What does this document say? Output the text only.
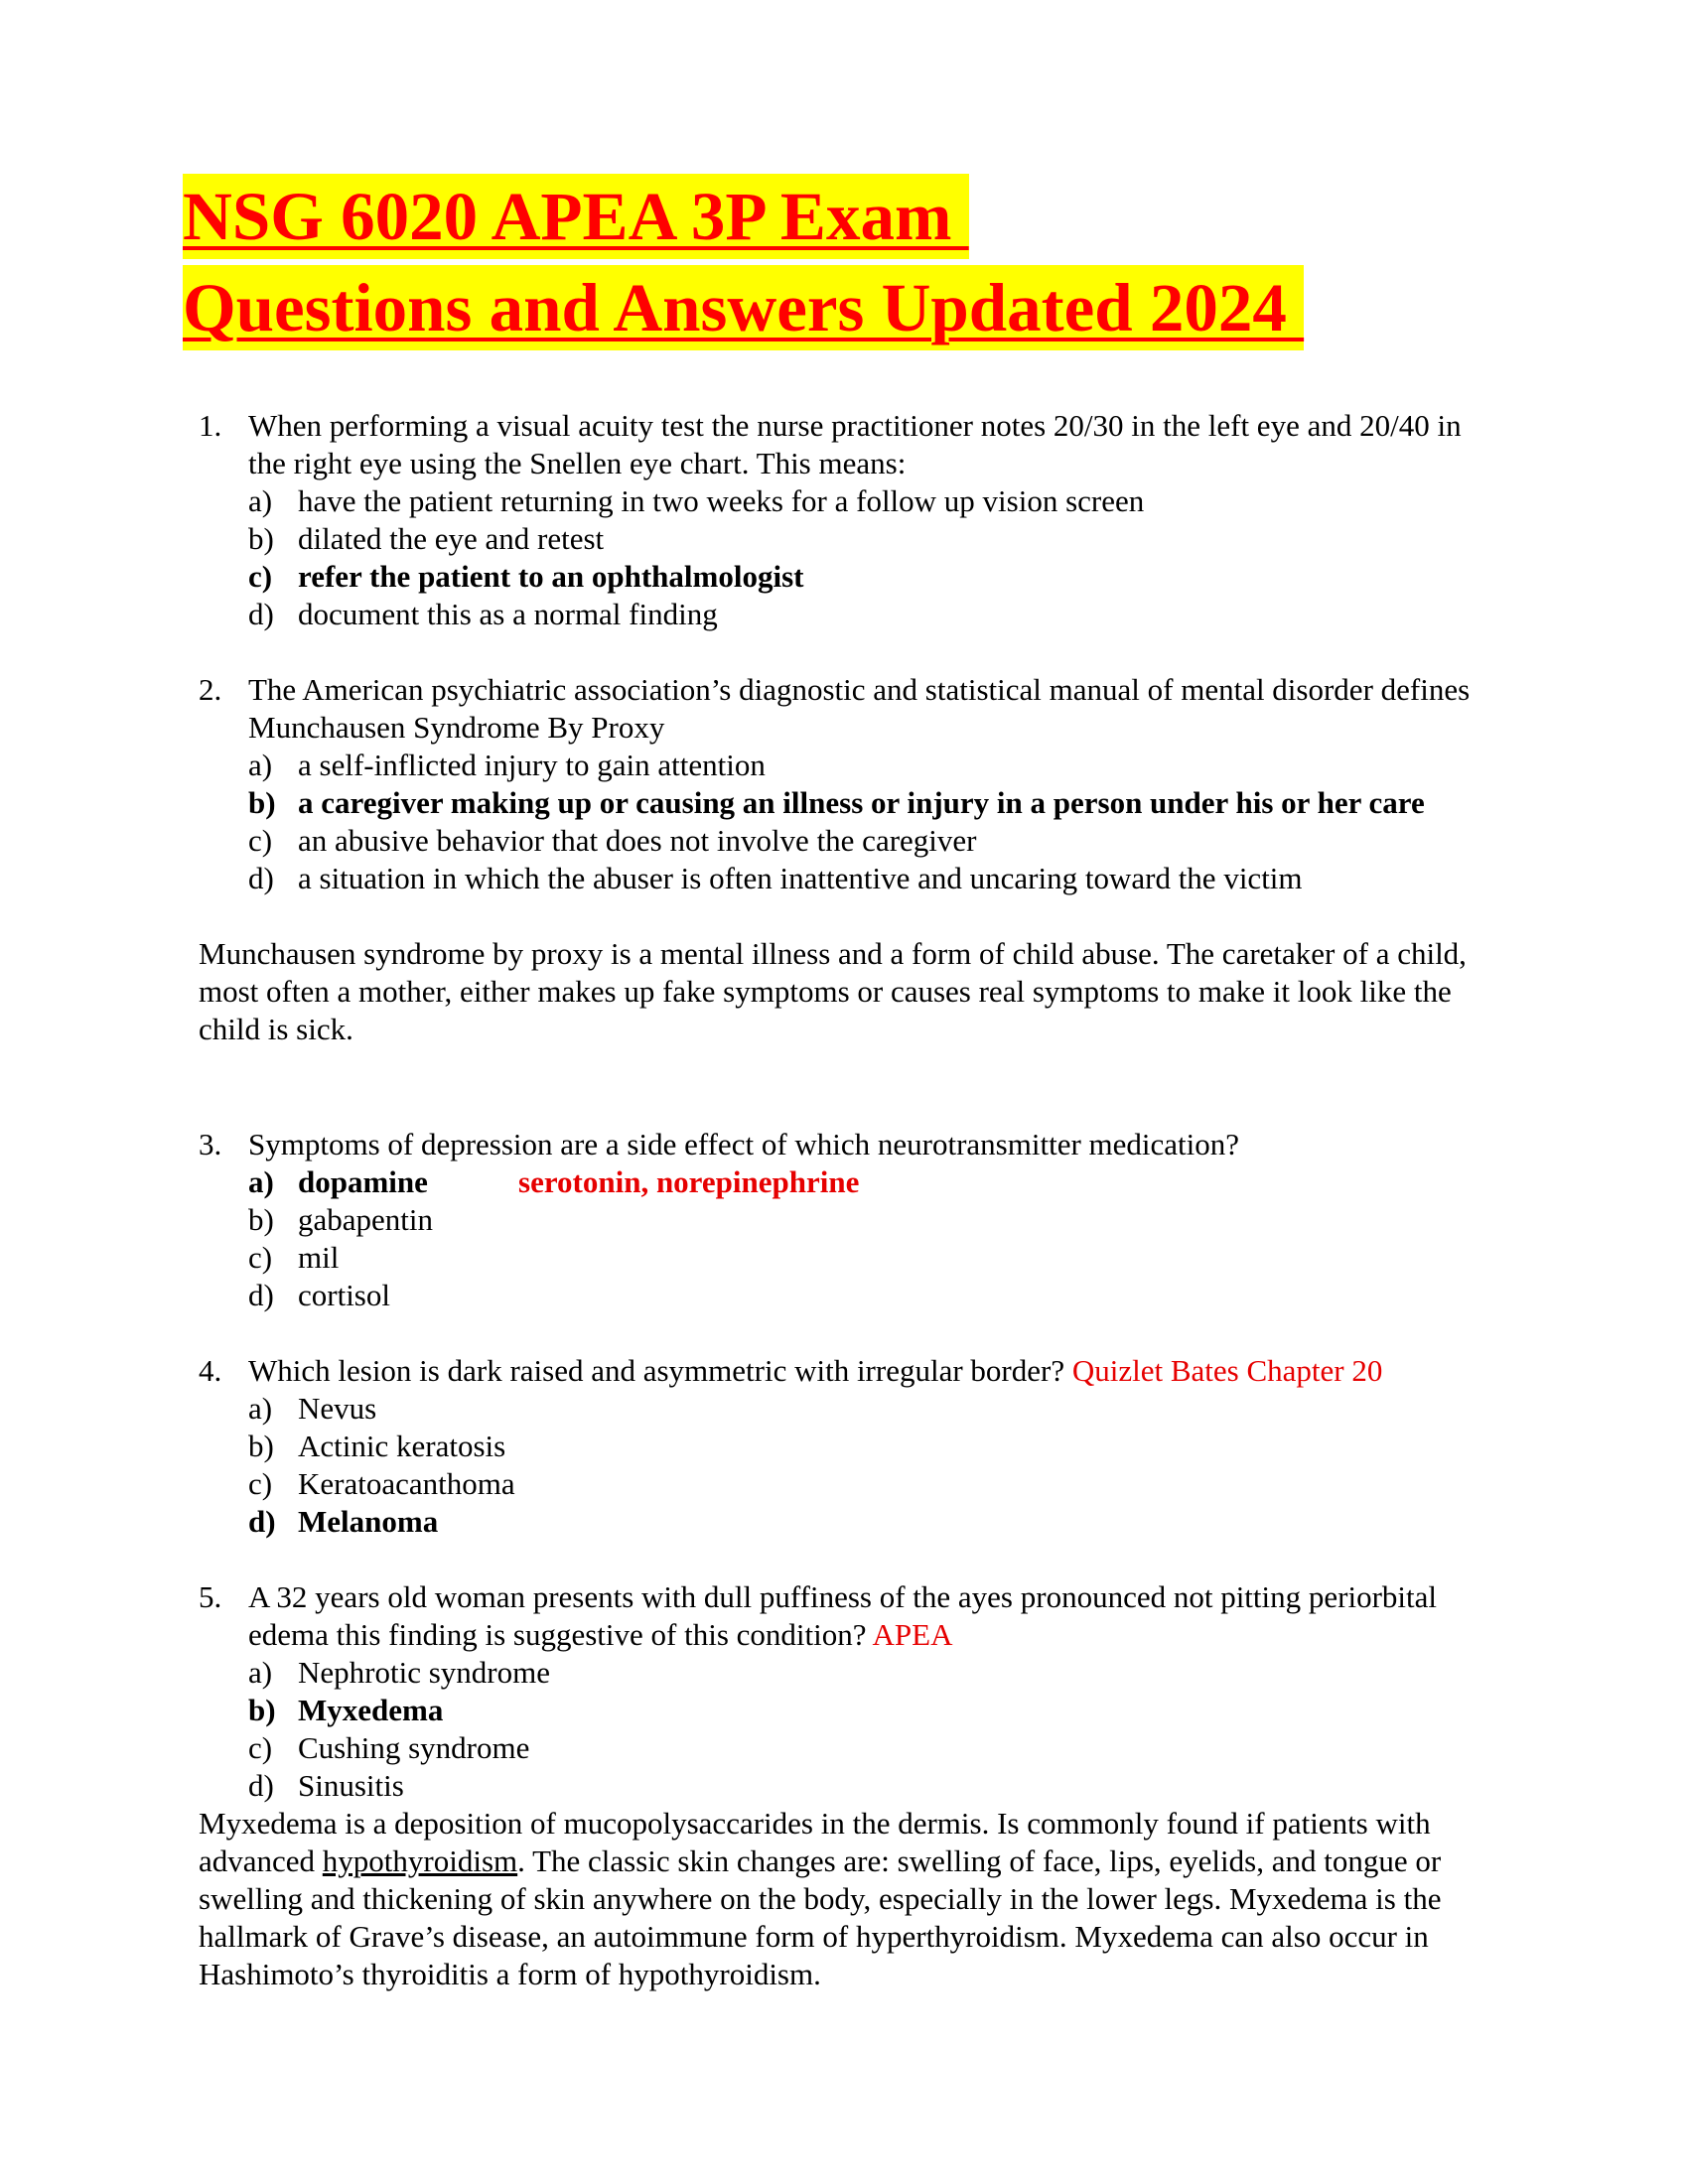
NSG 6020 APEA 3P Exam
Questions and Answers Updated 2024
1. When performing a visual acuity test the nurse practitioner notes 20/30 in the left eye and 20/40 in the right eye using the Snellen eye chart. This means:
a) have the patient returning in two weeks for a follow up vision screen
b) dilated the eye and retest
c) refer the patient to an ophthalmologist
d) document this as a normal finding
2. The American psychiatric association’s diagnostic and statistical manual of mental disorder defines Munchausen Syndrome By Proxy
a) a self-inflicted injury to gain attention
b) a caregiver making up or causing an illness or injury in a person under his or her care
c) an abusive behavior that does not involve the caregiver
d) a situation in which the abuser is often inattentive and uncaring toward the victim
Munchausen syndrome by proxy is a mental illness and a form of child abuse. The caretaker of a child, most often a mother, either makes up fake symptoms or causes real symptoms to make it look like the child is sick.
3. Symptoms of depression are a side effect of which neurotransmitter medication?
a) dopamine	serotonin, norepinephrine
b) gabapentin
c) mil
d) cortisol
4. Which lesion is dark raised and asymmetric with irregular border? Quizlet Bates Chapter 20
a) Nevus
b) Actinic keratosis
c) Keratoacanthoma
d) Melanoma
5. A 32 years old woman presents with dull puffiness of the ayes pronounced not pitting periorbital edema this finding is suggestive of this condition? APEA
a) Nephrotic syndrome
b) Myxedema
c) Cushing syndrome
d) Sinusitis
Myxedema is a deposition of mucopolysaccarides in the dermis. Is commonly found if patients with advanced hypothyroidism. The classic skin changes are: swelling of face, lips, eyelids, and tongue or swelling and thickening of skin anywhere on the body, especially in the lower legs. Myxedema is the hallmark of Grave’s disease, an autoimmune form of hyperthyroidism. Myxedema can also occur in Hashimoto’s thyroiditis a form of hypothyroidism.
